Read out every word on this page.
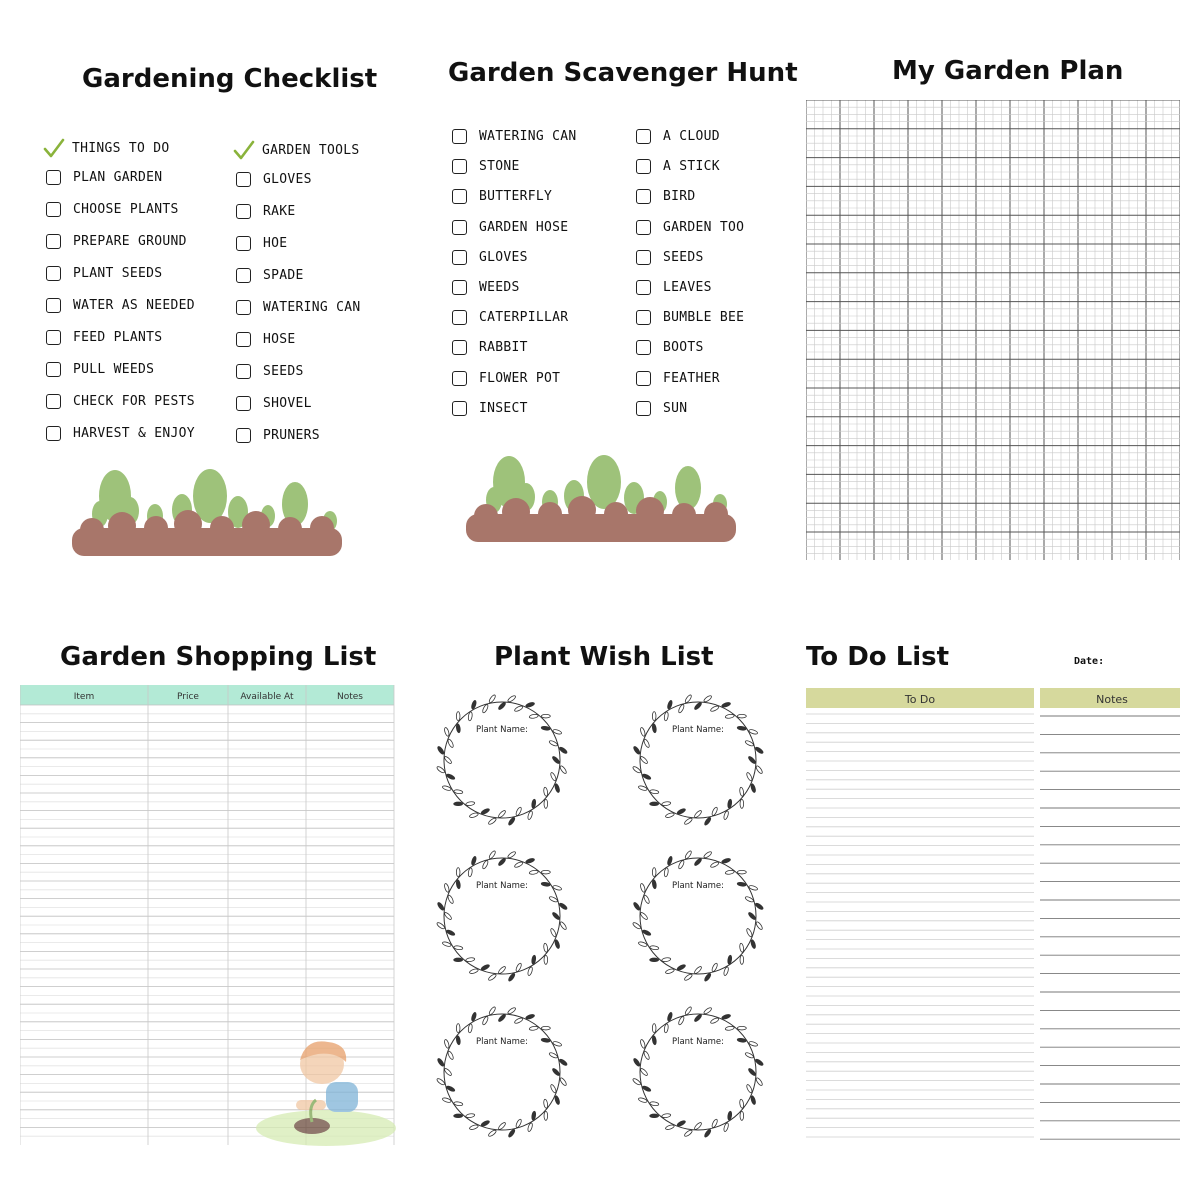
Gardening Checklist
THINGS TO DO
PLAN GARDEN
CHOOSE PLANTS
PREPARE GROUND
PLANT SEEDS
WATER AS NEEDED
FEED PLANTS
PULL WEEDS
CHECK FOR PESTS
HARVEST & ENJOY
GARDEN TOOLS
GLOVES
RAKE
HOE
SPADE
WATERING CAN
HOSE
SEEDS
SHOVEL
PRUNERS
Garden Scavenger Hunt
WATERING CAN
STONE
BUTTERFLY
GARDEN HOSE
GLOVES
WEEDS
CATERPILLAR
RABBIT
FLOWER POT
INSECT
A CLOUD
A STICK
BIRD
GARDEN TOO
SEEDS
LEAVES
BUMBLE BEE
BOOTS
FEATHER
SUN
My Garden Plan
Garden Shopping List
Item	Price	Available At	Notes
Plant Wish List
Plant Name:	Plant Name:
Plant Name:	Plant Name:
Plant Name:	Plant Name:
To Do List	Date:
To Do	Notes
